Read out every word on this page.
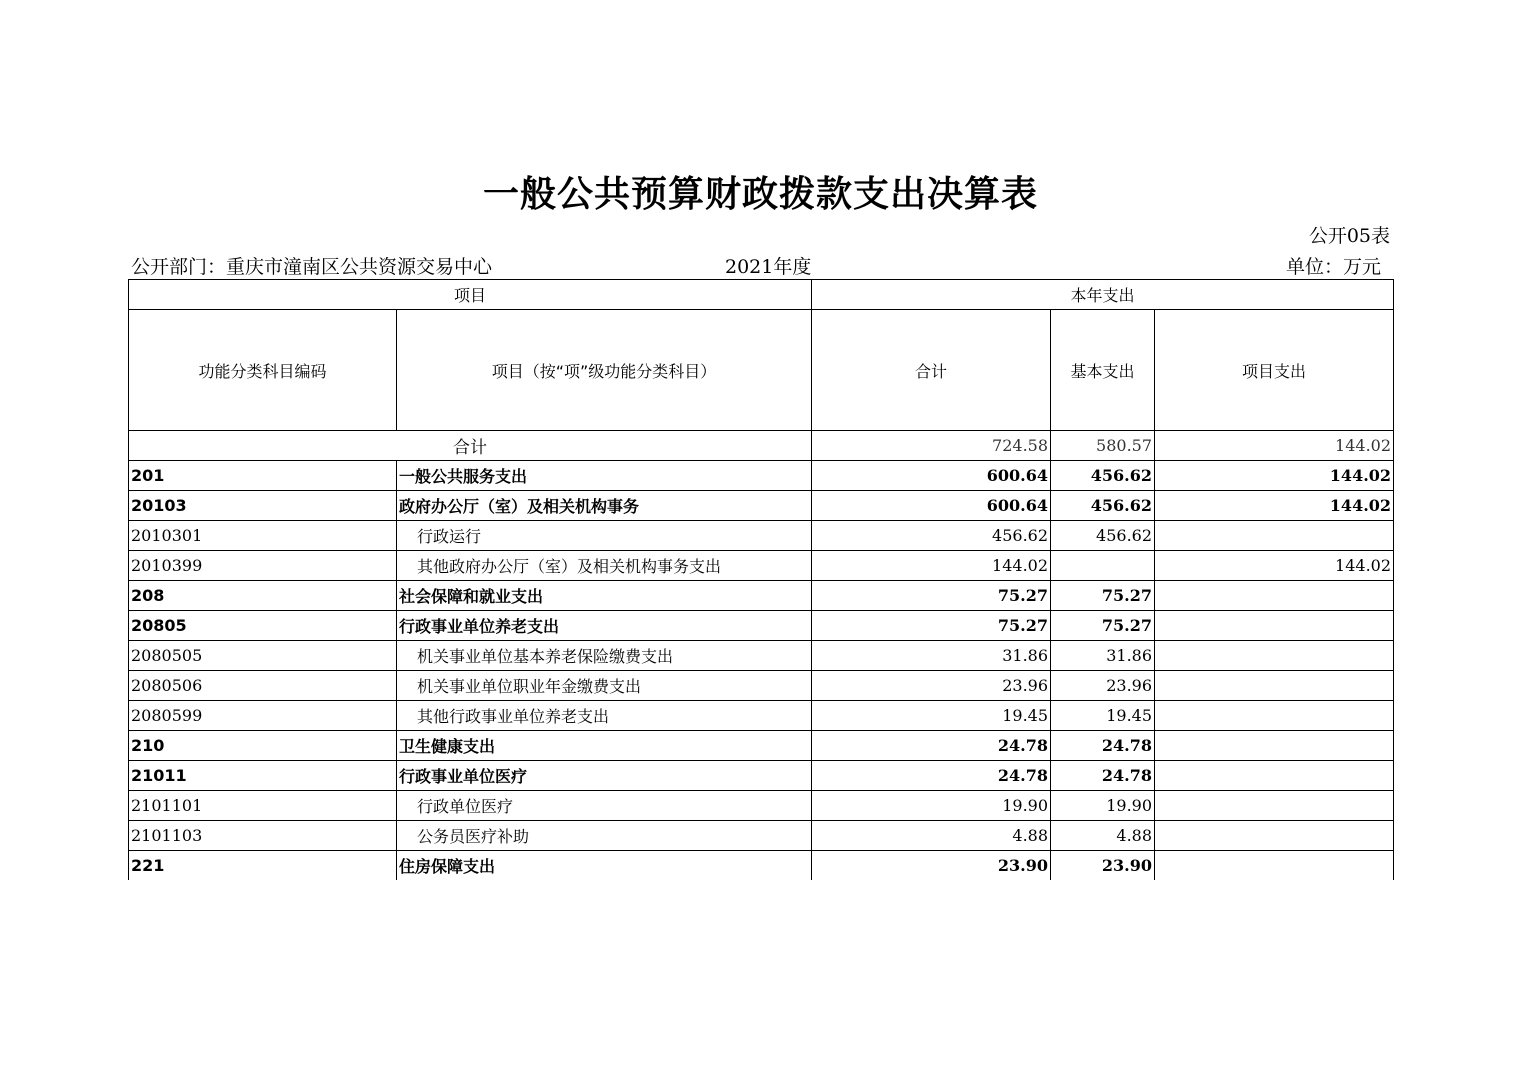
一般公共预算财政拨款支出决算表
公开05表
公开部门：重庆市潼南区公共资源交易中心	2021年度	单位：万元
项目		本年支出		
功能分类科目编码	项目（按“项”级功能分类科目）	合计	基本支出	项目支出
合计		724.58	580.57	144.02
201	一般公共服务支出	600.64	456.62	144.02
20103	政府办公厅（室）及相关机构事务	600.64	456.62	144.02
2010301	行政运行	456.62	456.62	
2010399	其他政府办公厅（室）及相关机构事务支出	144.02		144.02
208	社会保障和就业支出	75.27	75.27	
20805	行政事业单位养老支出	75.27	75.27	
2080505	机关事业单位基本养老保险缴费支出	31.86	31.86	
2080506	机关事业单位职业年金缴费支出	23.96	23.96	
2080599	其他行政事业单位养老支出	19.45	19.45	
210	卫生健康支出	24.78	24.78	
21011	行政事业单位医疗	24.78	24.78	
2101101	行政单位医疗	19.90	19.90	
2101103	公务员医疗补助	4.88	4.88	
221	住房保障支出	23.90	23.90	
